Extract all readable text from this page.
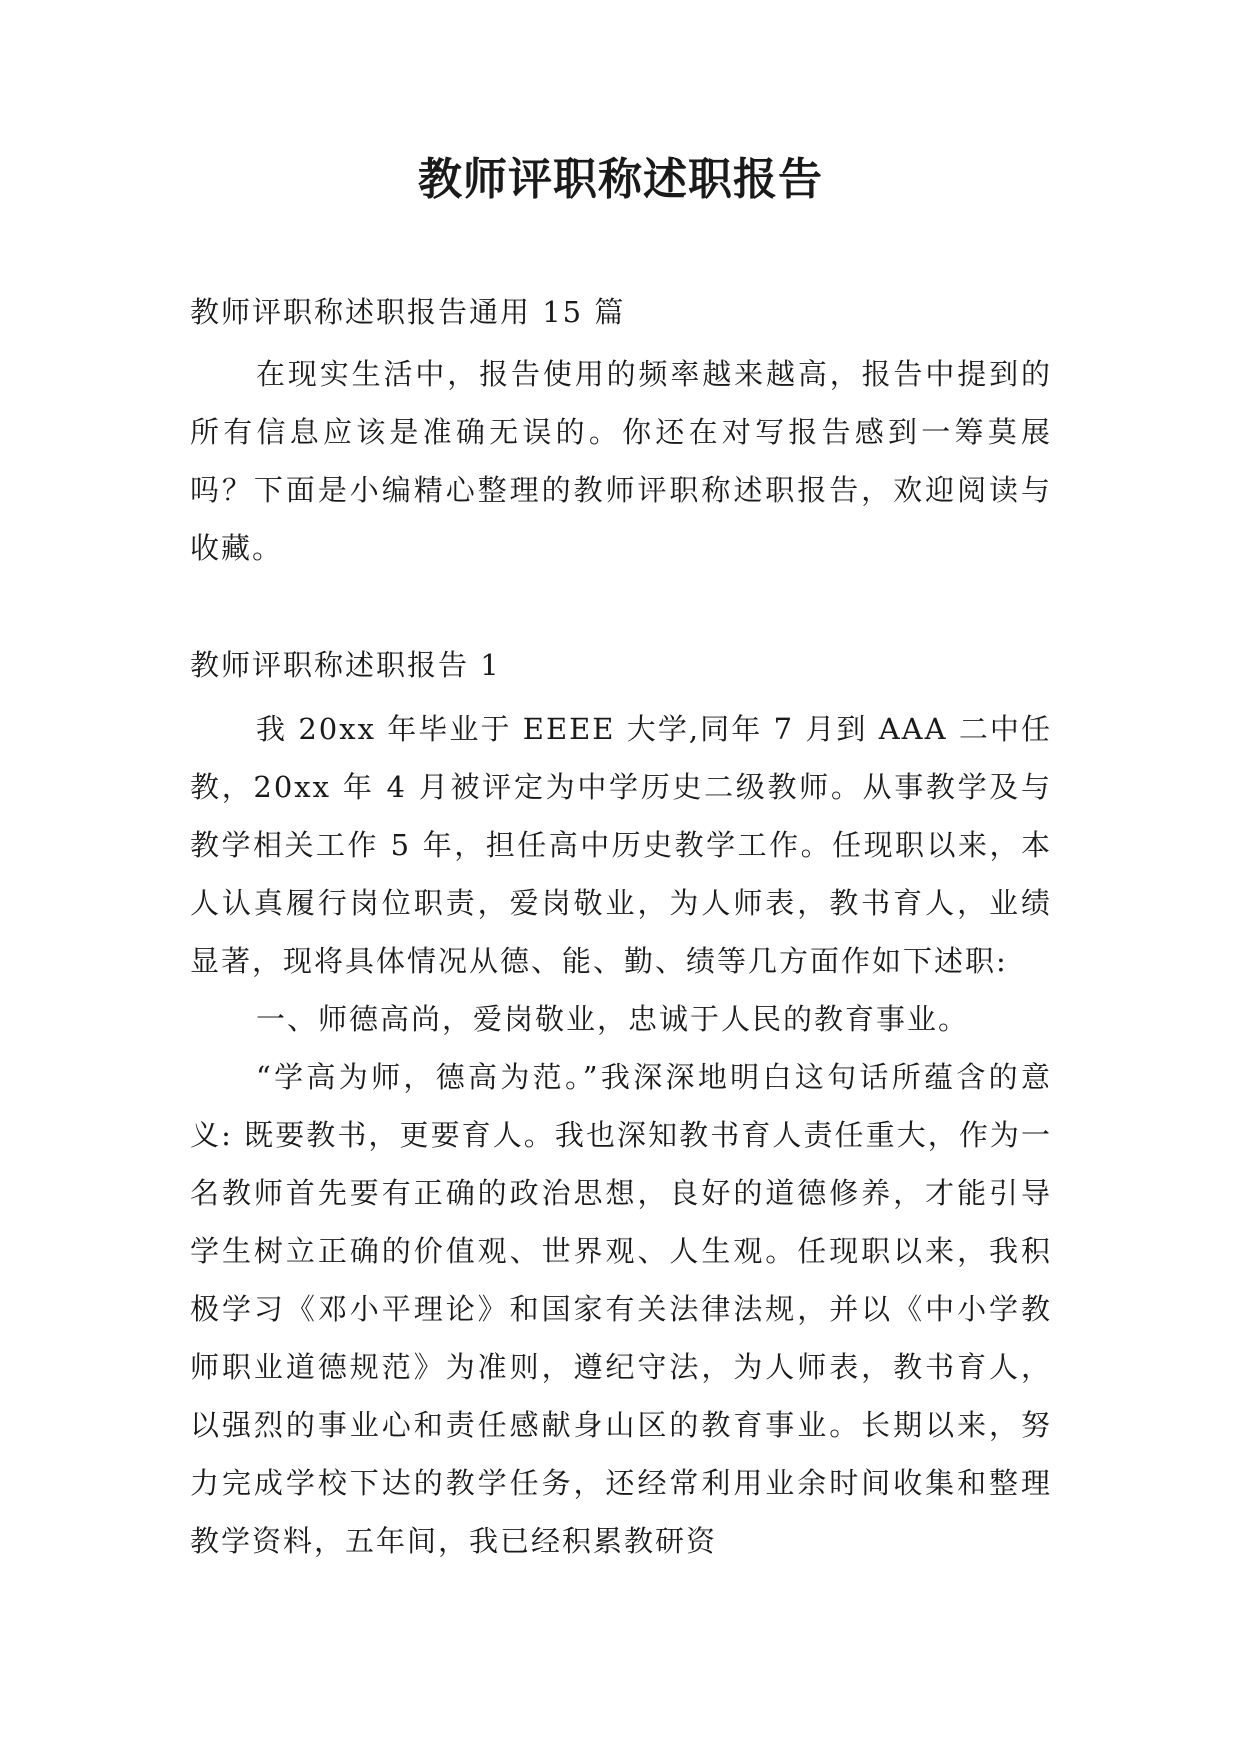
教师评职称述职报告
教师评职称述职报告通用 15 篇

在现实生活中，报告使用的频率越来越高，报告中提到的所有信息应该是准确无误的。你还在对写报告感到一筹莫展吗？下面是小编精心整理的教师评职称述职报告，欢迎阅读与收藏。

教师评职称述职报告 1

我 20xx 年毕业于 EEEE 大学,同年 7 月到 AAA 二中任教，20xx 年 4 月被评定为中学历史二级教师。从事教学及与教学相关工作 5 年，担任高中历史教学工作。任现职以来，本人认真履行岗位职责，爱岗敬业，为人师表，教书育人，业绩显著，现将具体情况从德、能、勤、绩等几方面作如下述职:

一、师德高尚，爱岗敬业，忠诚于人民的教育事业。

“学高为师，德高为范。”我深深地明白这句话所蕴含的意义: 既要教书，更要育人。我也深知教书育人责任重大，作为一名教师首先要有正确的政治思想，良好的道德修养，才能引导学生树立正确的价值观、世界观、人生观。任现职以来，我积极学习《邓小平理论》和国家有关法律法规，并以《中小学教师职业道德规范》为准则，遵纪守法，为人师表，教书育人，以强烈的事业心和责任感献身山区的教育事业。长期以来，努力完成学校下达的教学任务，还经常利用业余时间收集和整理教学资料，五年间，我已经积累教研资
